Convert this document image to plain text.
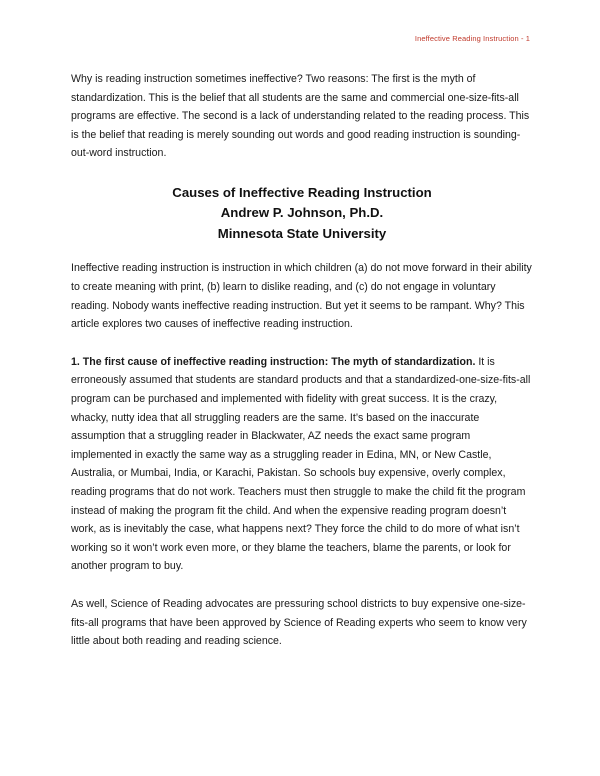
Ineffective Reading Instruction - 1

Why is reading instruction sometimes ineffective? Two reasons: The first is the myth of standardization. This is the belief that all students are the same and commercial one-size-fits-all programs are effective. The second is a lack of understanding related to the reading process. This is the belief that reading is merely sounding out words and good reading instruction is sounding-out-word instruction.

Causes of Ineffective Reading Instruction
Andrew P. Johnson, Ph.D.
Minnesota State University

Ineffective reading instruction is instruction in which children (a) do not move forward in their ability to create meaning with print, (b) learn to dislike reading, and (c) do not engage in voluntary reading. Nobody wants ineffective reading instruction. But yet it seems to be rampant. Why? This article explores two causes of ineffective reading instruction.

1. The first cause of ineffective reading instruction: The myth of standardization. It is erroneously assumed that students are standard products and that a standardized-one-size-fits-all program can be purchased and implemented with fidelity with great success. It is the crazy, whacky, nutty idea that all struggling readers are the same. It’s based on the inaccurate assumption that a struggling reader in Blackwater, AZ needs the exact same program implemented in exactly the same way as a struggling reader in Edina, MN, or New Castle, Australia, or Mumbai, India, or Karachi, Pakistan. So schools buy expensive, overly complex, reading programs that do not work. Teachers must then struggle to make the child fit the program instead of making the program fit the child. And when the expensive reading program doesn’t work, as is inevitably the case, what happens next? They force the child to do more of what isn’t working so it won’t work even more, or they blame the teachers, blame the parents, or look for another program to buy.

As well, Science of Reading advocates are pressuring school districts to buy expensive one-size-fits-all programs that have been approved by Science of Reading experts who seem to know very little about both reading and reading science.
